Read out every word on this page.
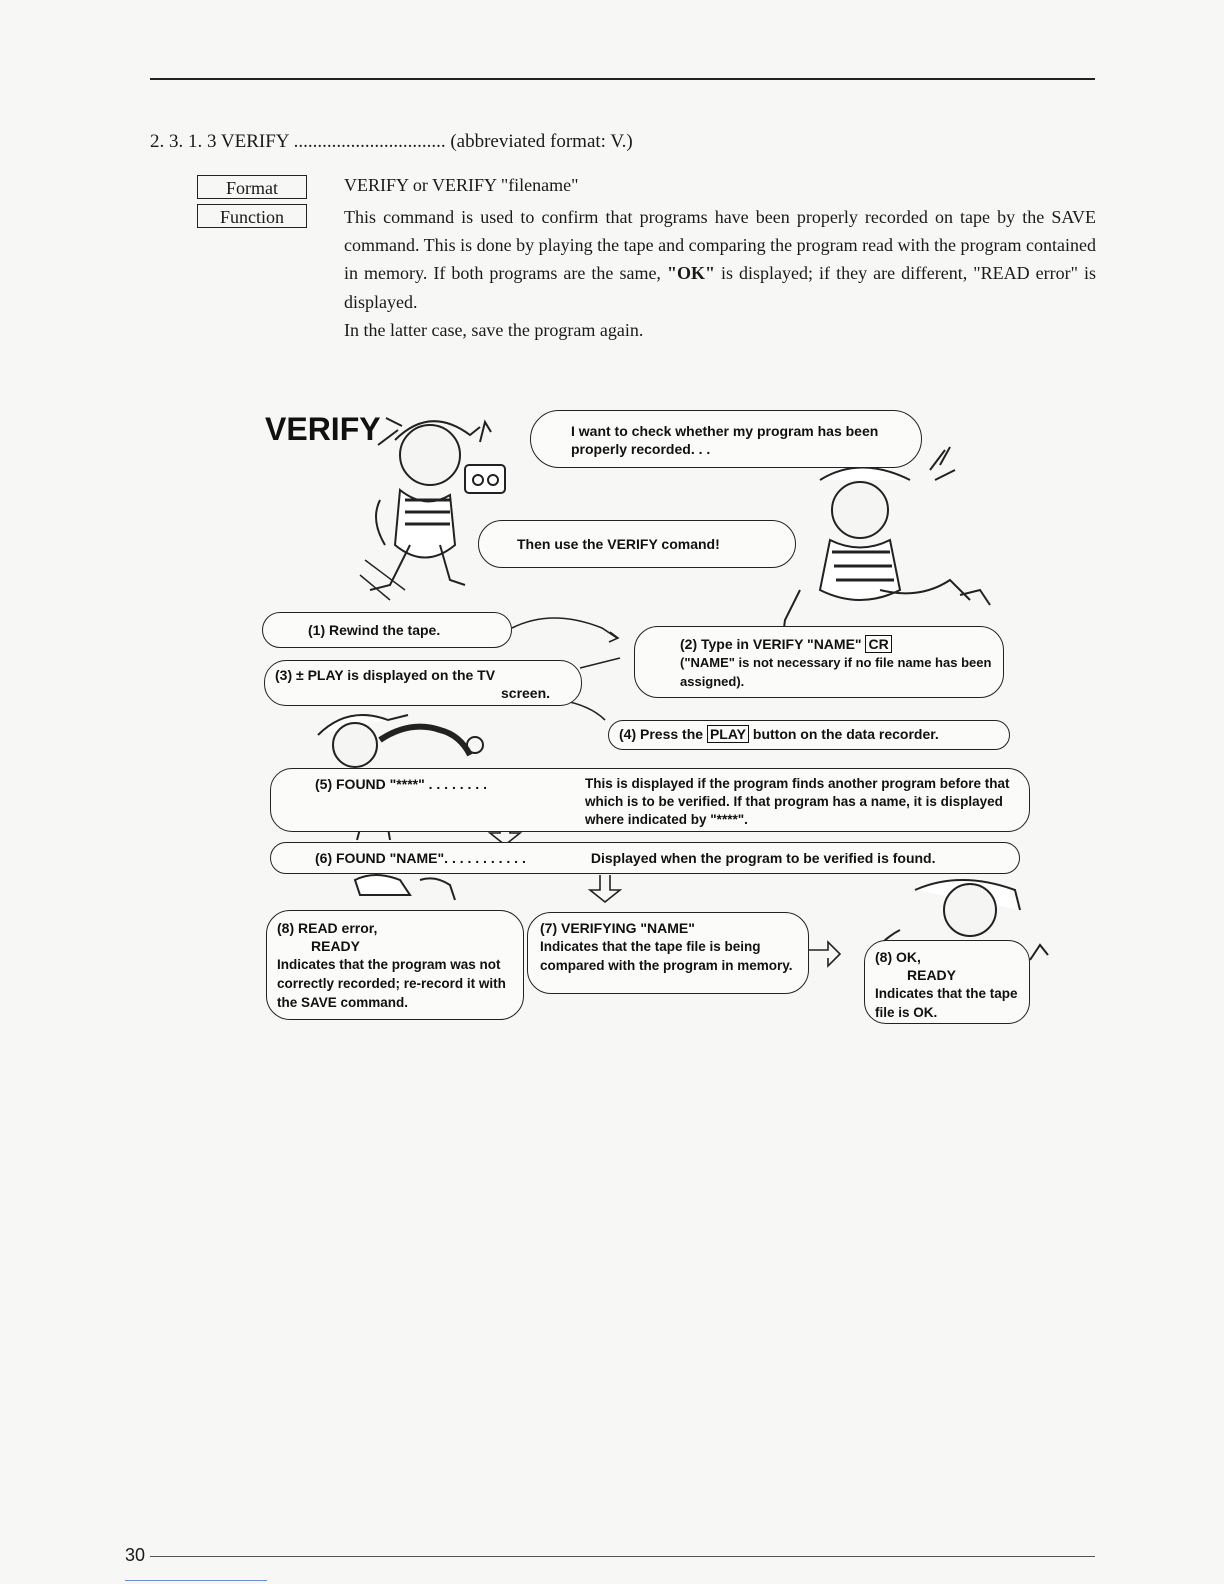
2. 3. 1. 3 VERIFY ................................ (abbreviated format: V.)
Format	VERIFY or VERIFY "filename"
Function	This command is used to confirm that programs have been properly recorded on tape by the SAVE command. This is done by playing the tape and comparing the program read with the program contained in memory. If both programs are the same, "OK" is displayed; if they are different, "READ error" is displayed.
In the latter case, save the program again.
VERIFY	I want to check whether my program has been properly recorded. . .
Then use the VERIFY comand!
(1) Rewind the tape.
(2) Type in VERIFY "NAME" CR
("NAME" is not necessary if no file name has been assigned).
(3) ± PLAY is displayed on the TV
screen.
(4) Press the PLAY button on the data recorder.
(5) FOUND "****" . . . . . . . .	This is displayed if the program finds another program before that which is to be verified. If that program has a name, it is displayed where indicated by "****".
(6) FOUND "NAME". . . . . . . . . . .	Displayed when the program to be verified is found.
(7) VERIFYING "NAME"
Indicates that the tape file is being compared with the program in memory.
(8) READ error,
READY
Indicates that the program was not correctly recorded; re-record it with the SAVE command.
(8) OK,
READY
Indicates that the tape file is OK.
30
